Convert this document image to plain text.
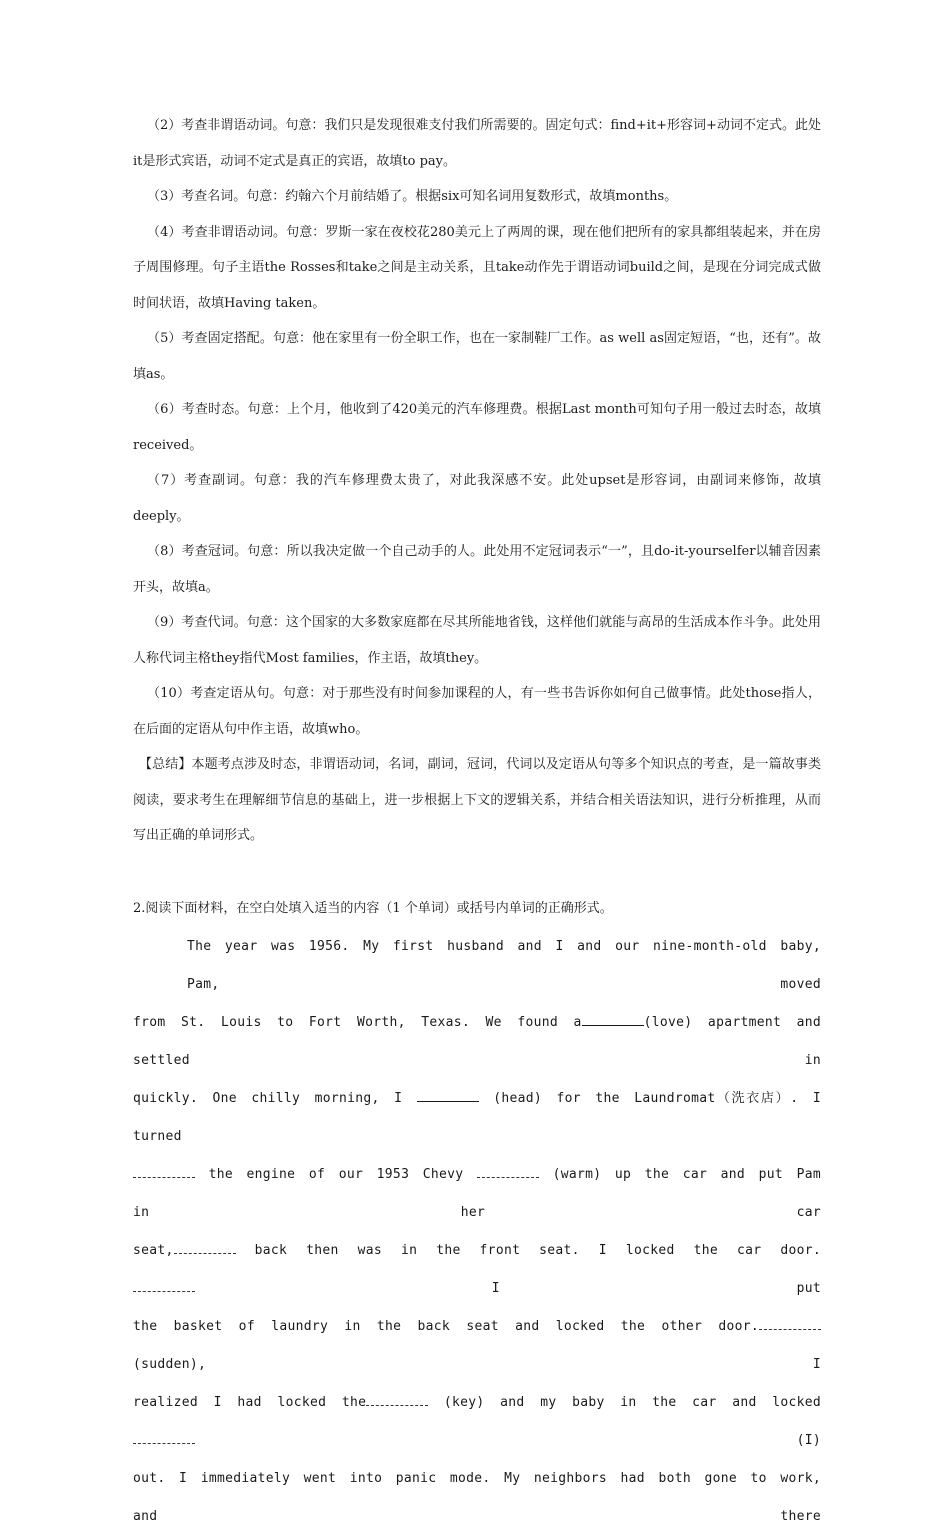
（2）考查非谓语动词。句意：我们只是发现很难支付我们所需要的。固定句式：find+it+形容词+动词不定式。此处it是形式宾语，动词不定式是真正的宾语，故填to pay。

（3）考查名词。句意：约翰六个月前结婚了。根据six可知名词用复数形式，故填months。

（4）考查非谓语动词。句意：罗斯一家在夜校花280美元上了两周的课，现在他们把所有的家具都组装起来，并在房子周围修理。句子主语the Rosses和take之间是主动关系，且take动作先于谓语动词build之间，是现在分词完成式做时间状语，故填Having taken。

（5）考查固定搭配。句意：他在家里有一份全职工作，也在一家制鞋厂工作。as well as固定短语，“也，还有”。故填as。

（6）考查时态。句意：上个月，他收到了420美元的汽车修理费。根据Last month可知句子用一般过去时态，故填received。

（7）考查副词。句意：我的汽车修理费太贵了，对此我深感不安。此处upset是形容词，由副词来修饰，故填deeply。

（8）考查冠词。句意：所以我决定做一个自己动手的人。此处用不定冠词表示“一”，且do-it-yourselfer以辅音因素开头，故填a。

（9）考查代词。句意：这个国家的大多数家庭都在尽其所能地省钱，这样他们就能与高昂的生活成本作斗争。此处用人称代词主格they指代Most families，作主语，故填they。

（10）考查定语从句。句意：对于那些没有时间参加课程的人，有一些书告诉你如何自己做事情。此处those指人，在后面的定语从句中作主语，故填who。

【总结】本题考点涉及时态，非谓语动词，名词，副词，冠词，代词以及定语从句等多个知识点的考查，是一篇故事类阅读，要求考生在理解细节信息的基础上，进一步根据上下文的逻辑关系，并结合相关语法知识，进行分析推理，从而写出正确的单词形式。

2.阅读下面材料，在空白处填入适当的内容（1 个单词）或括号内单词的正确形式。

The year was 1956. My first husband and I and our nine-month-old baby, Pam, moved

from St. Louis to Fort Worth, Texas. We found a	(love) apartment and settled in

quickly. One chilly morning, I	(head) for the Laundromat（洗衣店）. I turned

the engine of our 1953 Chevy	(warm) up the car and put Pam in her car

seat,	back then was in the front seat. I locked the car door.  I put

the basket of laundry in the back seat and locked the other door.(sudden), I

realized I had locked the	(key) and my baby in the car and locked (I)

out. I immediately went into panic mode. My neighbors had both gone to work, and there
